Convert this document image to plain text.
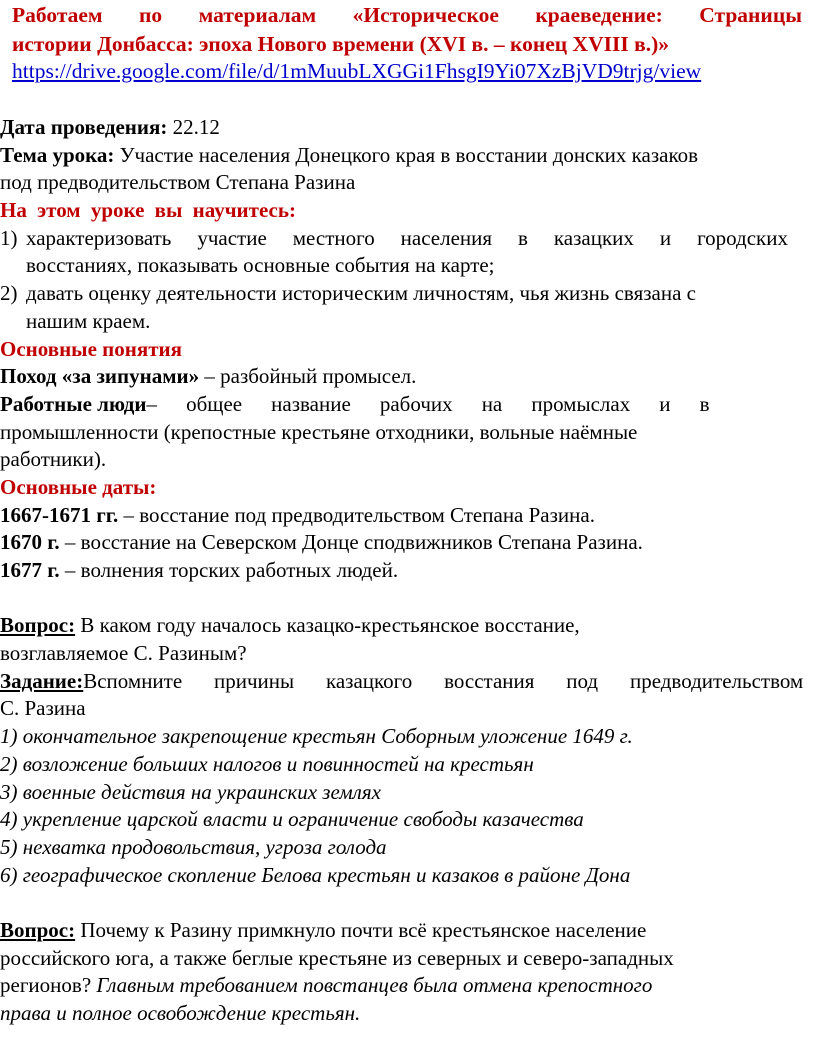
Работаем по материалам «Историческое краеведение: Страницы
истории Донбасса: эпоха Нового времени (XVI в. – конец XVIII в.)»
https://drive.google.com/file/d/1mMuubLXGGi1FhsgI9Yi07XzBjVD9trjg/view
Дата проведения: 22.12
Тема урока: Участие населения Донецкого края в восстании донских казаков
под предводительством Степана Разина
На этом уроке вы научитесь:
1) характеризовать участие местного населения в казацких и городских
восстаниях, показывать основные события на карте;
2) давать оценку деятельности историческим личностям, чья жизнь связана с
нашим краем.
Основные понятия
Поход «за зипунами» – разбойный промысел.
Работные люди – общее название рабочих на промыслах и в
промышленности (крепостные крестьяне отходники, вольные наёмные
работники).
Основные даты:
1667-1671 гг. – восстание под предводительством Степана Разина.
1670 г. – восстание на Северском Донце сподвижников Степана Разина.
1677 г. – волнения торских работных людей.
Вопрос: В каком году началось казацко-крестьянское восстание,
возглавляемое С. Разиным?
Задание: Вспомните причины казацкого восстания под предводительством
С. Разина
1) окончательное закрепощение крестьян Соборным уложение 1649 г.
2) возложение больших налогов и повинностей на крестьян
3) военные действия на украинских землях
4) укрепление царской власти и ограничение свободы казачества
5) нехватка продовольствия, угроза голода
6) географическое скопление Белова крестьян и казаков в районе Дона
Вопрос: Почему к Разину примкнуло почти всё крестьянское население
российского юга, а также беглые крестьяне из северных и северо-западных
регионов? Главным требованием повстанцев была отмена крепостного
права и полное освобождение крестьян.
